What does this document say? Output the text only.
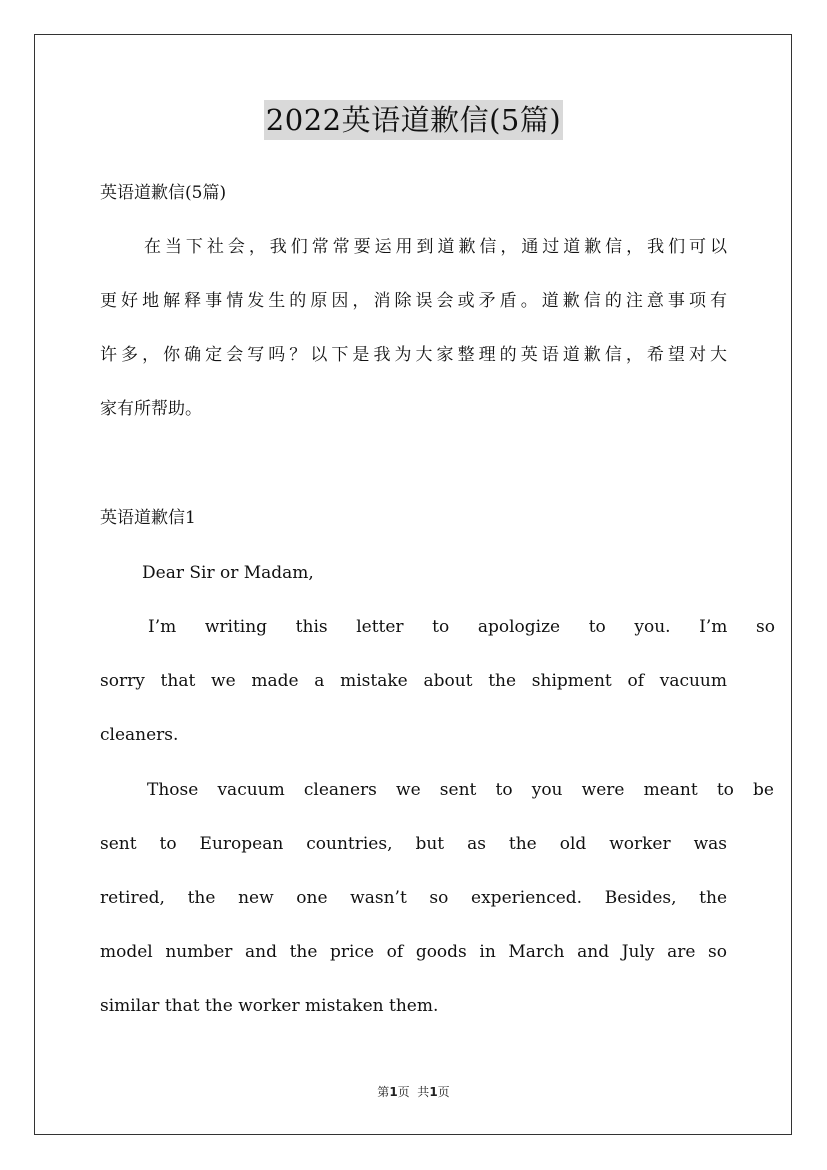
2022英语道歉信(5篇)
英语道歉信(5篇)
在当下社会，我们常常要运用到道歉信，通过道歉信，我们可以
更好地解释事情发生的原因，消除误会或矛盾。道歉信的注意事项有
许多，你确定会写吗？以下是我为大家整理的英语道歉信，希望对大
家有所帮助。
英语道歉信1
Dear Sir or Madam,
I’m writing this letter to apologize to you. I’m so
sorry that we made a mistake about the shipment of vacuum
cleaners.
Those vacuum cleaners we sent to you were meant to be
sent to European countries, but as the old worker was
retired, the new one wasn’t so experienced. Besides, the
model number and the price of goods in March and July are so
similar that the worker mistaken them.
第1页  共1页
